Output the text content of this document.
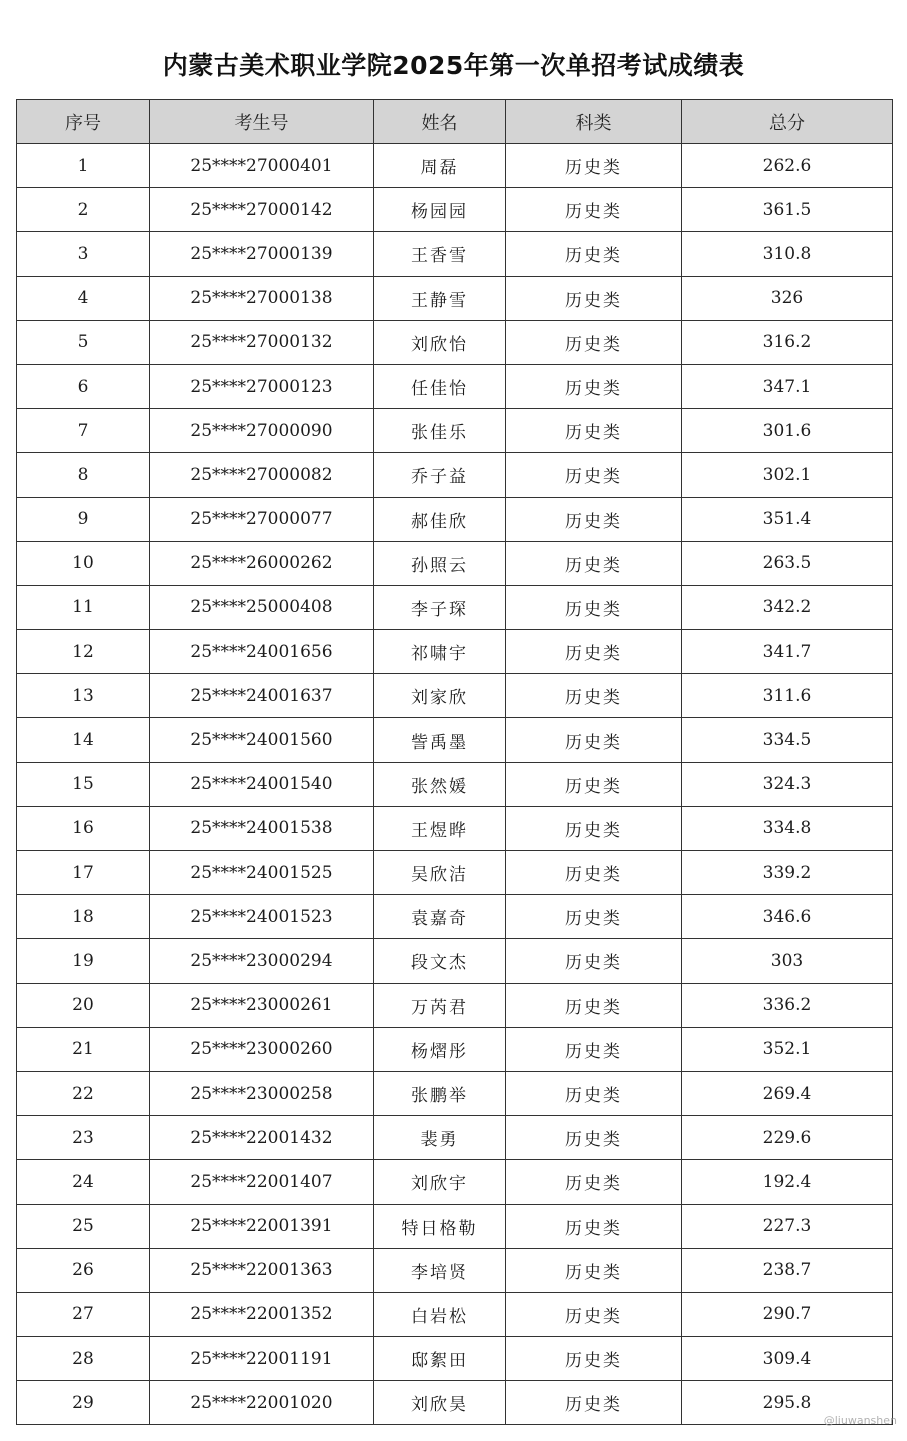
内蒙古美术职业学院2025年第一次单招考试成绩表
序号	考生号	姓名	科类	总分
1	25****27000401	周磊	历史类	262.6
2	25****27000142	杨园园	历史类	361.5
3	25****27000139	王香雪	历史类	310.8
4	25****27000138	王静雪	历史类	326
5	25****27000132	刘欣怡	历史类	316.2
6	25****27000123	任佳怡	历史类	347.1
7	25****27000090	张佳乐	历史类	301.6
8	25****27000082	乔子益	历史类	302.1
9	25****27000077	郝佳欣	历史类	351.4
10	25****26000262	孙照云	历史类	263.5
11	25****25000408	李子琛	历史类	342.2
12	25****24001656	祁啸宇	历史类	341.7
13	25****24001637	刘家欣	历史类	311.6
14	25****24001560	訾禹墨	历史类	334.5
15	25****24001540	张然媛	历史类	324.3
16	25****24001538	王煜晔	历史类	334.8
17	25****24001525	吴欣洁	历史类	339.2
18	25****24001523	袁嘉奇	历史类	346.6
19	25****23000294	段文杰	历史类	303
20	25****23000261	万芮君	历史类	336.2
21	25****23000260	杨熠彤	历史类	352.1
22	25****23000258	张鹏举	历史类	269.4
23	25****22001432	裴勇	历史类	229.6
24	25****22001407	刘欣宇	历史类	192.4
25	25****22001391	特日格勒	历史类	227.3
26	25****22001363	李培贤	历史类	238.7
27	25****22001352	白岩松	历史类	290.7
28	25****22001191	邸絮田	历史类	309.4
29	25****22001020	刘欣昊	历史类	295.8
@liuwanshen
